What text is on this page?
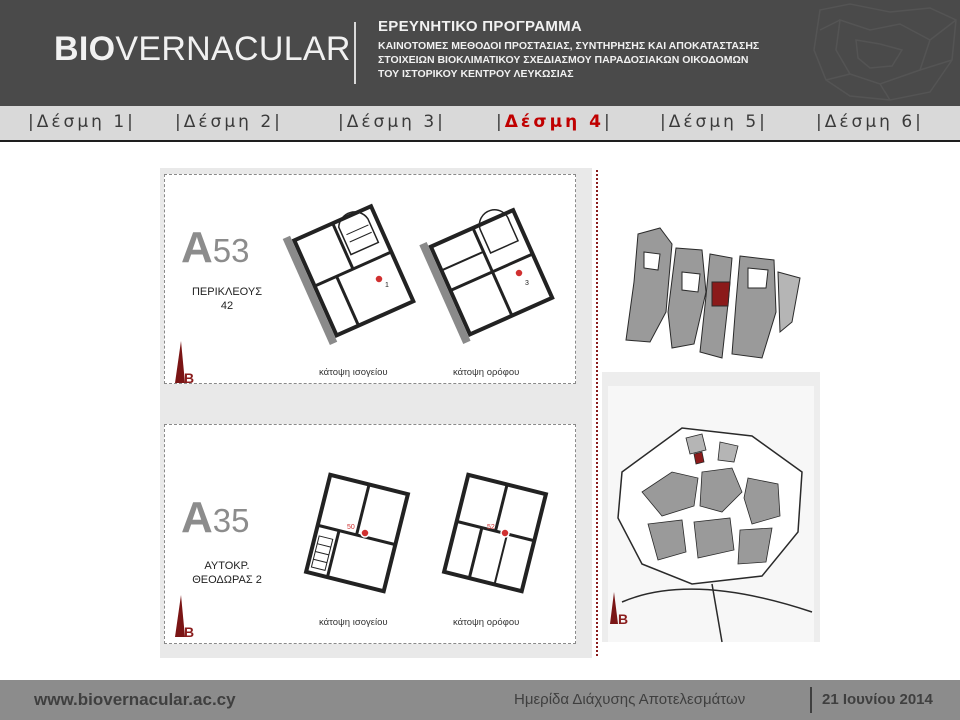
BIOVERNACULAR
ΕΡΕΥΝΗΤΙΚΟ ΠΡΟΓΡΑΜΜΑ
ΚΑΙΝΟΤΟΜΕΣ ΜΕΘΟΔΟΙ ΠΡΟΣΤΑΣΙΑΣ, ΣΥΝΤΗΡΗΣΗΣ ΚΑΙ ΑΠΟΚΑΤΑΣΤΑΣΗΣ
ΣΤΟΙΧΕΙΩΝ ΒΙΟΚΛΙΜΑΤΙΚΟΥ ΣΧΕΔΙΑΣΜΟΥ ΠΑΡΑΔΟΣΙΑΚΩΝ ΟΙΚΟΔΟΜΩΝ
ΤΟΥ ΙΣΤΟΡΙΚΟΥ ΚΕΝΤΡΟΥ ΛΕΥΚΩΣΙΑΣ
|Δέσμη 1| |Δέσμη 2|	|Δέσμη 3|	|Δέσμη 4|	|Δέσμη 5|	|Δέσμη 6|
A53
ΠΕΡΙΚΛΕΟΥΣ
42
B
1	3
κάτοψη ισογείου	κάτοψη ορόφου
A35
ΑΥΤΟΚΡ.
ΘΕΟΔΩΡΑΣ 2
B
50	52
κάτοψη ισογείου	κάτοψη ορόφου	B
www.biovernacular.ac.cy	Ημερίδα Διάχυσης Αποτελεσμάτων	21 Ιουνίου 2014
